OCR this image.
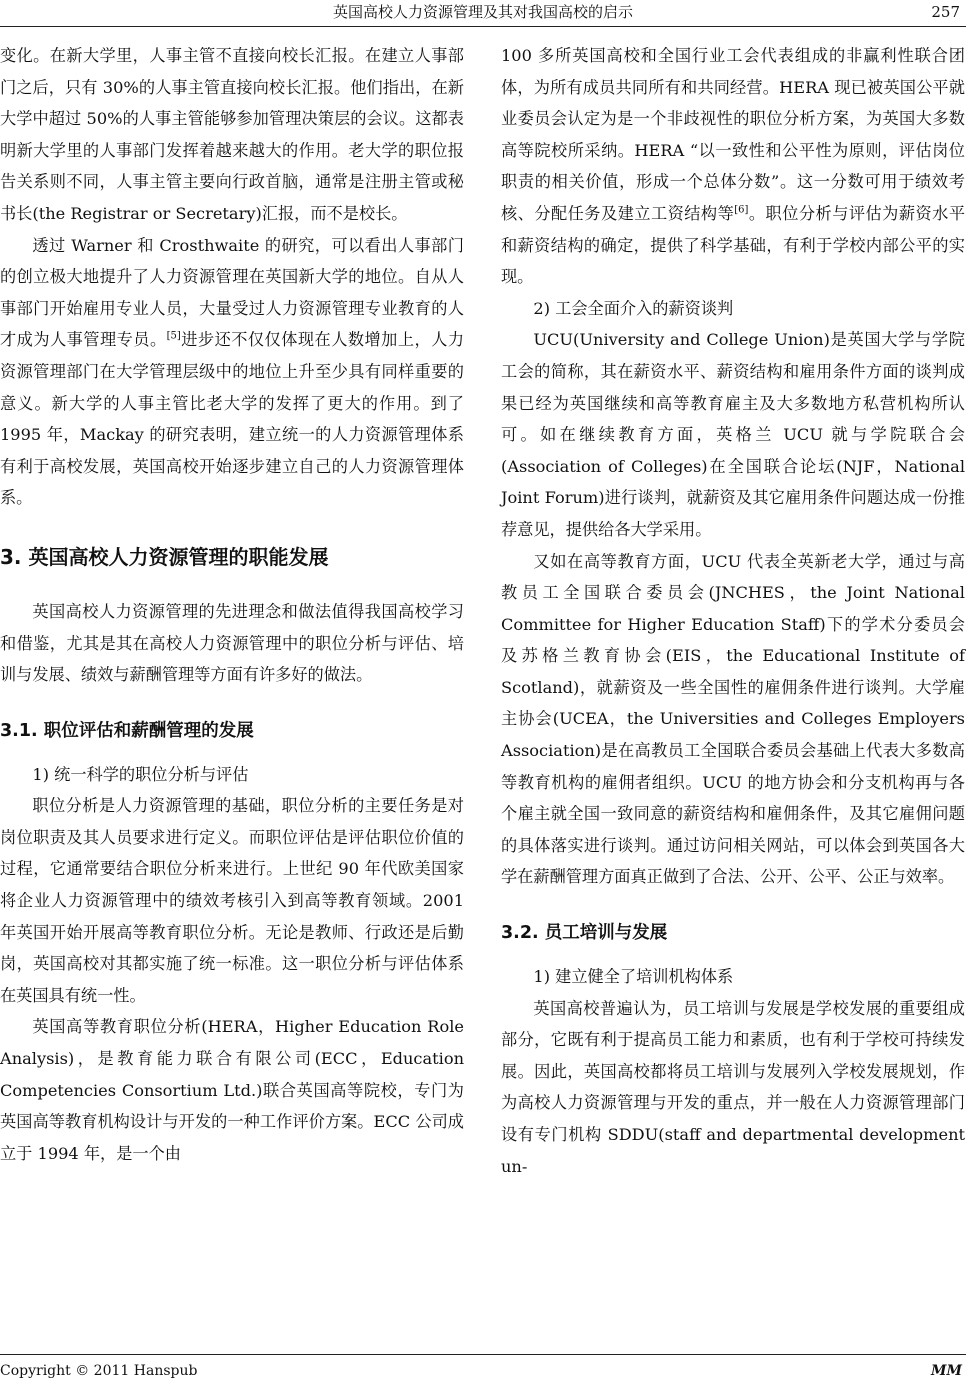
英国高校人力资源管理及其对我国高校的启示	257

变化。在新大学里，人事主管不直接向校长汇报。在建立人事部门之后，只有 30%的人事主管直接向校长汇报。他们指出，在新大学中超过 50%的人事主管能够参加管理决策层的会议。这都表明新大学里的人事部门发挥着越来越大的作用。老大学的职位报告关系则不同，人事主管主要向行政首脑，通常是注册主管或秘书长(the Registrar or Secretary)汇报，而不是校长。

透过 Warner 和 Crosthwaite 的研究，可以看出人事部门的创立极大地提升了人力资源管理在英国新大学的地位。自从人事部门开始雇用专业人员，大量受过人力资源管理专业教育的人才成为人事管理专员。[5]进步还不仅仅体现在人数增加上，人力资源管理部门在大学管理层级中的地位上升至少具有同样重要的意义。新大学的人事主管比老大学的发挥了更大的作用。到了 1995 年，Mackay 的研究表明，建立统一的人力资源管理体系有利于高校发展，英国高校开始逐步建立自己的人力资源管理体系。

3. 英国高校人力资源管理的职能发展

英国高校人力资源管理的先进理念和做法值得我国高校学习和借鉴，尤其是其在高校人力资源管理中的职位分析与评估、培训与发展、绩效与薪酬管理等方面有许多好的做法。

3.1. 职位评估和薪酬管理的发展

1) 统一科学的职位分析与评估

职位分析是人力资源管理的基础，职位分析的主要任务是对岗位职责及其人员要求进行定义。而职位评估是评估职位价值的过程，它通常要结合职位分析来进行。上世纪 90 年代欧美国家将企业人力资源管理中的绩效考核引入到高等教育领域。2001 年英国开始开展高等教育职位分析。无论是教师、行政还是后勤岗，英国高校对其都实施了统一标准。这一职位分析与评估体系在英国具有统一性。

英国高等教育职位分析(HERA，Higher Education Role Analysis)，是教育能力联合有限公司(ECC，Education Competencies Consortium Ltd.)联合英国高等院校，专门为英国高等教育机构设计与开发的一种工作评价方案。ECC 公司成立于 1994 年，是一个由

100 多所英国高校和全国行业工会代表组成的非赢利性联合团体，为所有成员共同所有和共同经营。HERA 现已被英国公平就业委员会认定为是一个非歧视性的职位分析方案，为英国大多数高等院校所采纳。HERA “以一致性和公平性为原则，评估岗位职责的相关价值，形成一个总体分数”。这一分数可用于绩效考核、分配任务及建立工资结构等[6]。职位分析与评估为薪资水平和薪资结构的确定，提供了科学基础，有利于学校内部公平的实现。

2) 工会全面介入的薪资谈判

UCU(University and College Union)是英国大学与学院工会的简称，其在薪资水平、薪资结构和雇用条件方面的谈判成果已经为英国继续和高等教育雇主及大多数地方私营机构所认可。如在继续教育方面，英格兰 UCU 就与学院联合会(Association of Colleges)在全国联合论坛(NJF，National Joint Forum)进行谈判，就薪资及其它雇用条件问题达成一份推荐意见，提供给各大学采用。

又如在高等教育方面，UCU 代表全英新老大学，通过与高教员工全国联合委员会(JNCHES，the Joint National Committee for Higher Education Staff)下的学术分委员会及苏格兰教育协会(EIS，the Educational Institute of Scotland)，就薪资及一些全国性的雇佣条件进行谈判。大学雇主协会(UCEA，the Universities and Colleges Employers Association)是在高教员工全国联合委员会基础上代表大多数高等教育机构的雇佣者组织。UCU 的地方协会和分支机构再与各个雇主就全国一致同意的薪资结构和雇佣条件，及其它雇佣问题的具体落实进行谈判。通过访问相关网站，可以体会到英国各大学在薪酬管理方面真正做到了合法、公开、公平、公正与效率。

3.2. 员工培训与发展

1) 建立健全了培训机构体系

英国高校普遍认为，员工培训与发展是学校发展的重要组成部分，它既有利于提高员工能力和素质，也有利于学校可持续发展。因此，英国高校都将员工培训与发展列入学校发展规划，作为高校人力资源管理与开发的重点，并一般在人力资源管理部门设有专门机构 SDDU(staff and departmental development un-

Copyright © 2011 Hanspub	MM
